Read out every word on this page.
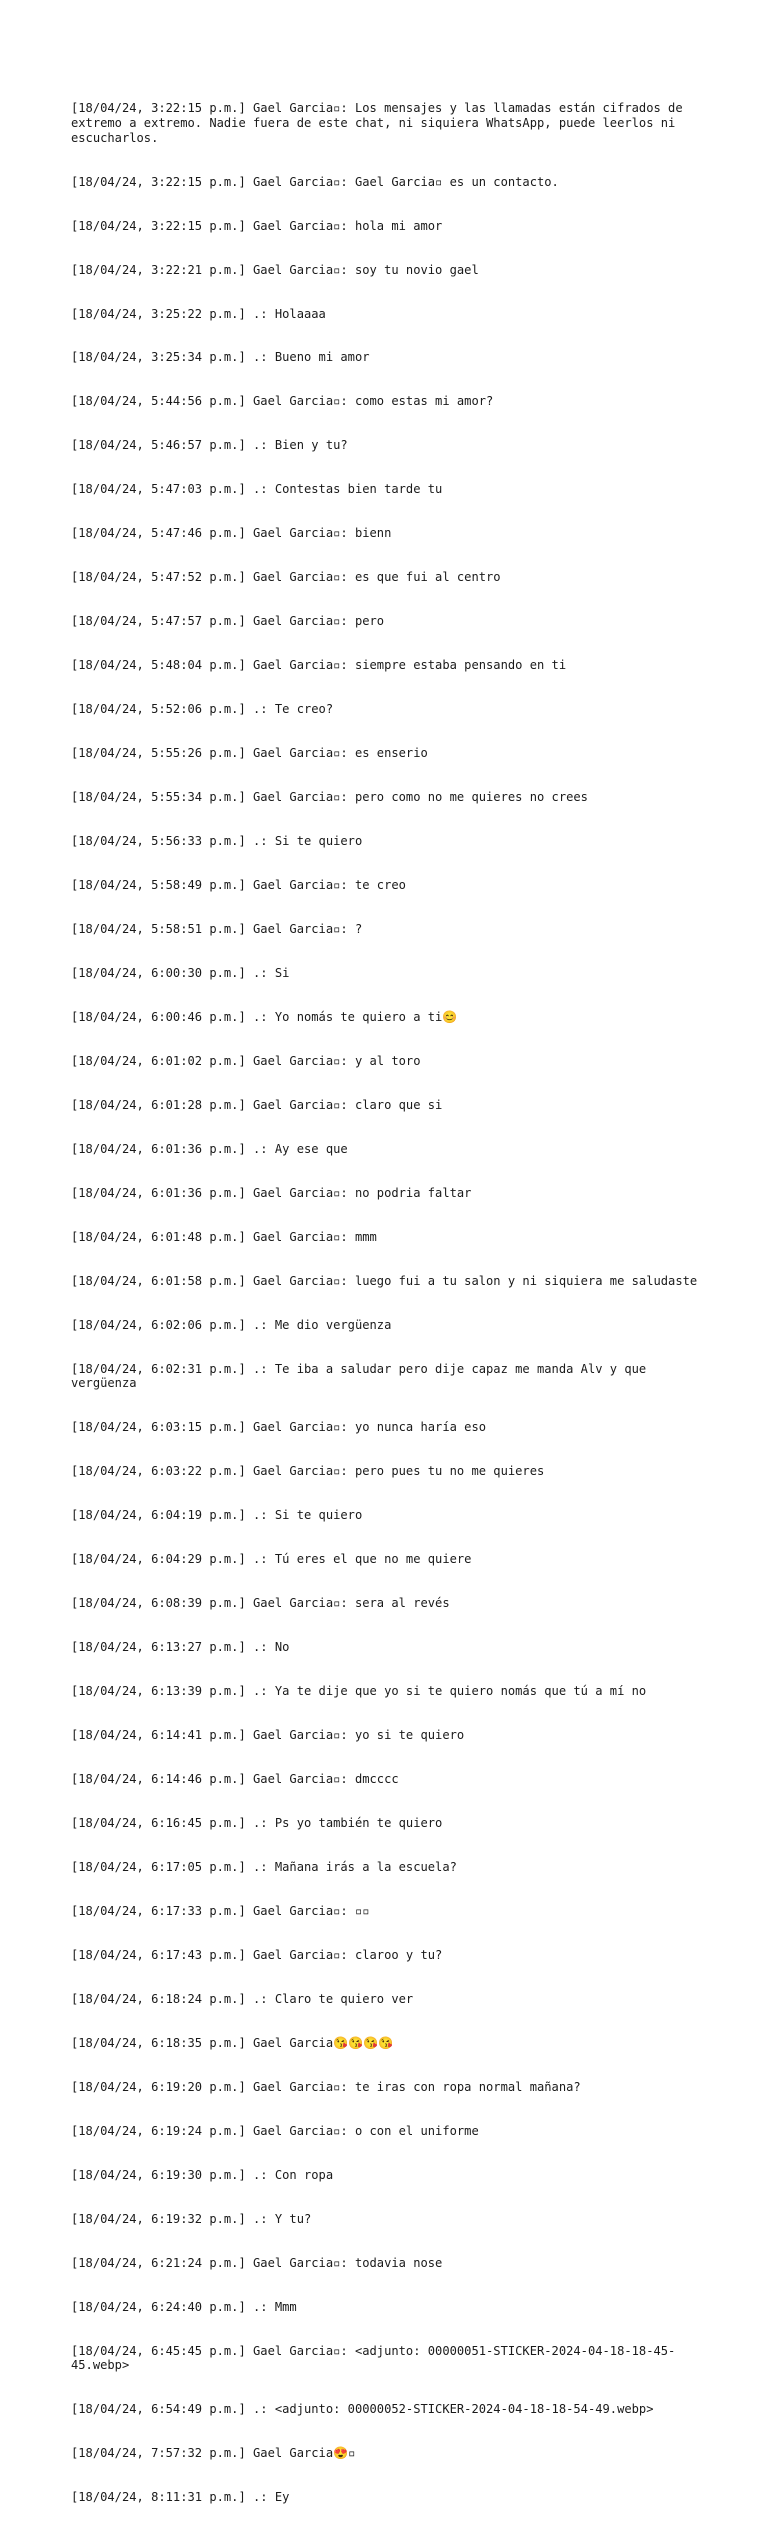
[18/04/24, 3:22:15 p.m.] Gael Garcia▫: Los mensajes y las llamadas están cifrados de extremo a extremo. Nadie fuera de este chat, ni siquiera WhatsApp, puede leerlos ni escucharlos.

[18/04/24, 3:22:15 p.m.] Gael Garcia▫: Gael Garcia▫ es un contacto.

[18/04/24, 3:22:15 p.m.] Gael Garcia▫: hola mi amor

[18/04/24, 3:22:21 p.m.] Gael Garcia▫: soy tu novio gael

[18/04/24, 3:25:22 p.m.] .: Holaaaa

[18/04/24, 3:25:34 p.m.] .: Bueno mi amor

[18/04/24, 5:44:56 p.m.] Gael Garcia▫: como estas mi amor?

[18/04/24, 5:46:57 p.m.] .: Bien y tu?

[18/04/24, 5:47:03 p.m.] .: Contestas bien tarde tu

[18/04/24, 5:47:46 p.m.] Gael Garcia▫: bienn

[18/04/24, 5:47:52 p.m.] Gael Garcia▫: es que fui al centro

[18/04/24, 5:47:57 p.m.] Gael Garcia▫: pero

[18/04/24, 5:48:04 p.m.] Gael Garcia▫: siempre estaba pensando en ti

[18/04/24, 5:52:06 p.m.] .: Te creo?

[18/04/24, 5:55:26 p.m.] Gael Garcia▫: es enserio

[18/04/24, 5:55:34 p.m.] Gael Garcia▫: pero como no me quieres no crees

[18/04/24, 5:56:33 p.m.] .: Si te quiero

[18/04/24, 5:58:49 p.m.] Gael Garcia▫: te creo

[18/04/24, 5:58:51 p.m.] Gael Garcia▫: ?

[18/04/24, 6:00:30 p.m.] .: Si

[18/04/24, 6:00:46 p.m.] .: Yo nomás te quiero a ti😊

[18/04/24, 6:01:02 p.m.] Gael Garcia▫: y al toro

[18/04/24, 6:01:28 p.m.] Gael Garcia▫: claro que si

[18/04/24, 6:01:36 p.m.] .: Ay ese que

[18/04/24, 6:01:36 p.m.] Gael Garcia▫: no podria faltar

[18/04/24, 6:01:48 p.m.] Gael Garcia▫: mmm

[18/04/24, 6:01:58 p.m.] Gael Garcia▫: luego fui a tu salon y ni siquiera me saludaste

[18/04/24, 6:02:06 p.m.] .: Me dio vergüenza

[18/04/24, 6:02:31 p.m.] .: Te iba a saludar pero dije capaz me manda Alv y que vergüenza

[18/04/24, 6:03:15 p.m.] Gael Garcia▫: yo nunca haría eso

[18/04/24, 6:03:22 p.m.] Gael Garcia▫: pero pues tu no me quieres

[18/04/24, 6:04:19 p.m.] .: Si te quiero

[18/04/24, 6:04:29 p.m.] .: Tú eres el que no me quiere

[18/04/24, 6:08:39 p.m.] Gael Garcia▫: sera al revés

[18/04/24, 6:13:27 p.m.] .: No

[18/04/24, 6:13:39 p.m.] .: Ya te dije que yo si te quiero nomás que tú a mí no

[18/04/24, 6:14:41 p.m.] Gael Garcia▫: yo si te quiero

[18/04/24, 6:14:46 p.m.] Gael Garcia▫: dmcccc

[18/04/24, 6:16:45 p.m.] .: Ps yo también te quiero

[18/04/24, 6:17:05 p.m.] .: Mañana irás a la escuela?

[18/04/24, 6:17:33 p.m.] Gael Garcia▫: ▫▫

[18/04/24, 6:17:43 p.m.] Gael Garcia▫: claroo y tu?

[18/04/24, 6:18:24 p.m.] .: Claro te quiero ver

[18/04/24, 6:18:35 p.m.] Gael Garcia😘😘😘😘

[18/04/24, 6:19:20 p.m.] Gael Garcia▫: te iras con ropa normal mañana?

[18/04/24, 6:19:24 p.m.] Gael Garcia▫: o con el uniforme

[18/04/24, 6:19:30 p.m.] .: Con ropa

[18/04/24, 6:19:32 p.m.] .: Y tu?

[18/04/24, 6:21:24 p.m.] Gael Garcia▫: todavia nose

[18/04/24, 6:24:40 p.m.] .: Mmm

[18/04/24, 6:45:45 p.m.] Gael Garcia▫: <adjunto: 00000051-STICKER-2024-04-18-18-45-45.webp>

[18/04/24, 6:54:49 p.m.] .: <adjunto: 00000052-STICKER-2024-04-18-18-54-49.webp>

[18/04/24, 7:57:32 p.m.] Gael Garcia😍▫

[18/04/24, 8:11:31 p.m.] .: Ey
